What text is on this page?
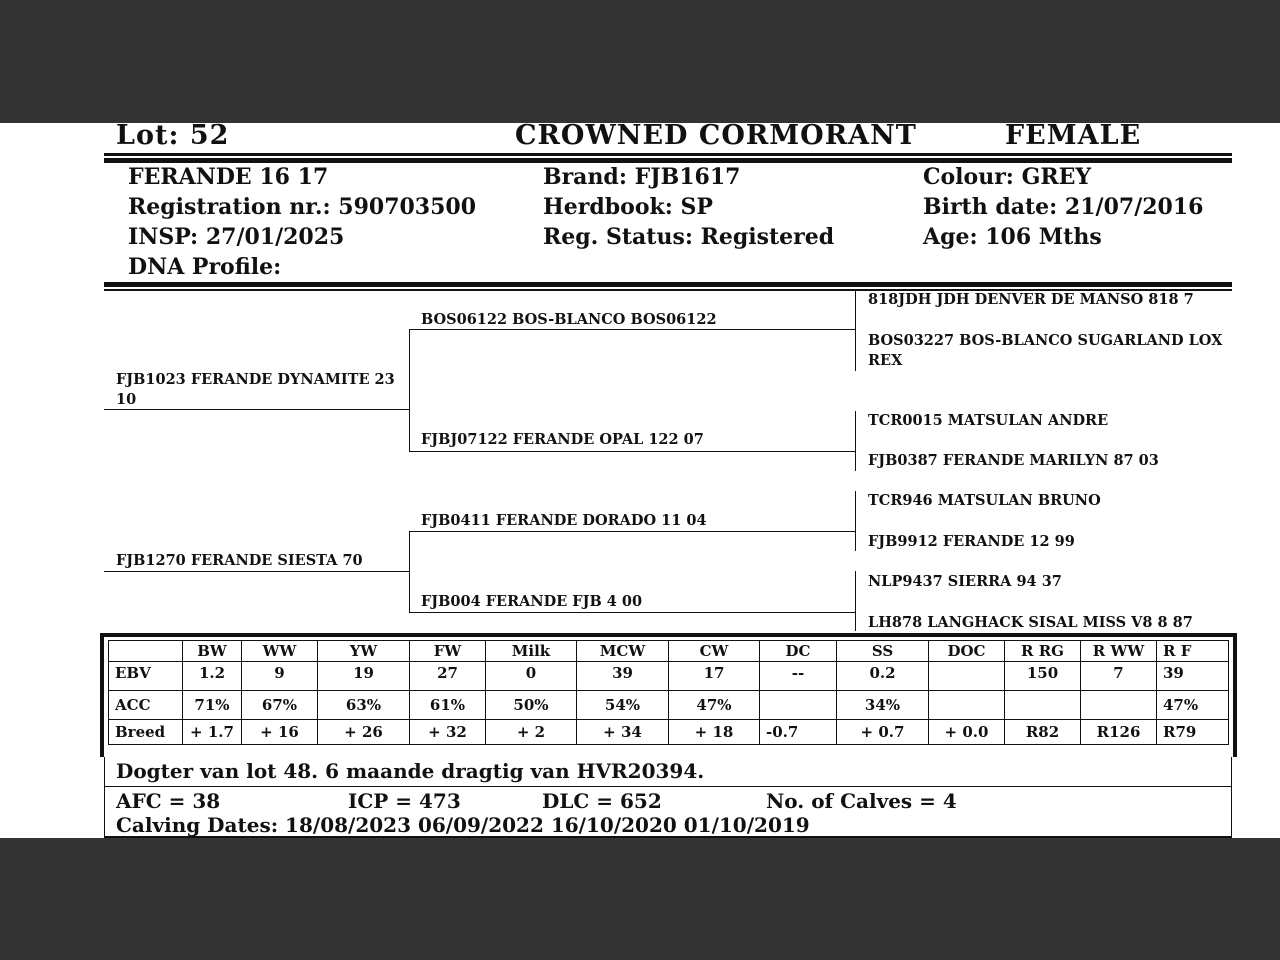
Lot: 52	CROWNED CORMORANT	FEMALE
FERANDE 16 17
Registration nr.: 590703500
INSP: 27/01/2025
DNA Profile:
Brand: FJB1617
Herdbook: SP
Reg. Status: Registered
Colour: GREY
Birth date: 21/07/2016
Age: 106 Mths
FJB1023 FERANDE DYNAMITE 23 10
FJB1270 FERANDE SIESTA 70
BOS06122 BOS-BLANCO BOS06122
FJBJ07122 FERANDE OPAL 122 07
FJB0411 FERANDE DORADO 11 04
FJB004 FERANDE FJB 4 00
818JDH JDH DENVER DE MANSO 818 7
BOS03227 BOS-BLANCO SUGARLAND LOX REX
TCR0015 MATSULAN ANDRE
FJB0387 FERANDE MARILYN 87 03
TCR946 MATSULAN BRUNO
FJB9912 FERANDE 12 99
NLP9437 SIERRA 94 37
LH878 LANGHACK SISAL MISS V8 8 87
	BW	WW	YW	FW	Milk	MCW	CW	DC	SS	DOC	R RG	R WW	R F
EBV	1.2	9	19	27	0	39	17	--	0.2		150	7	39
ACC	71%	67%	63%	61%	50%	54%	47%		34%				47%
Breed	+ 1.7	+ 16	+ 26	+ 32	+ 2	+ 34	+ 18	-0.7	+ 0.7	+ 0.0	R82	R126	R79
Dogter van lot 48. 6 maande dragtig van HVR20394.
AFC = 38	ICP = 473	DLC = 652	No. of Calves = 4
Calving Dates: 18/08/2023 06/09/2022 16/10/2020 01/10/2019
